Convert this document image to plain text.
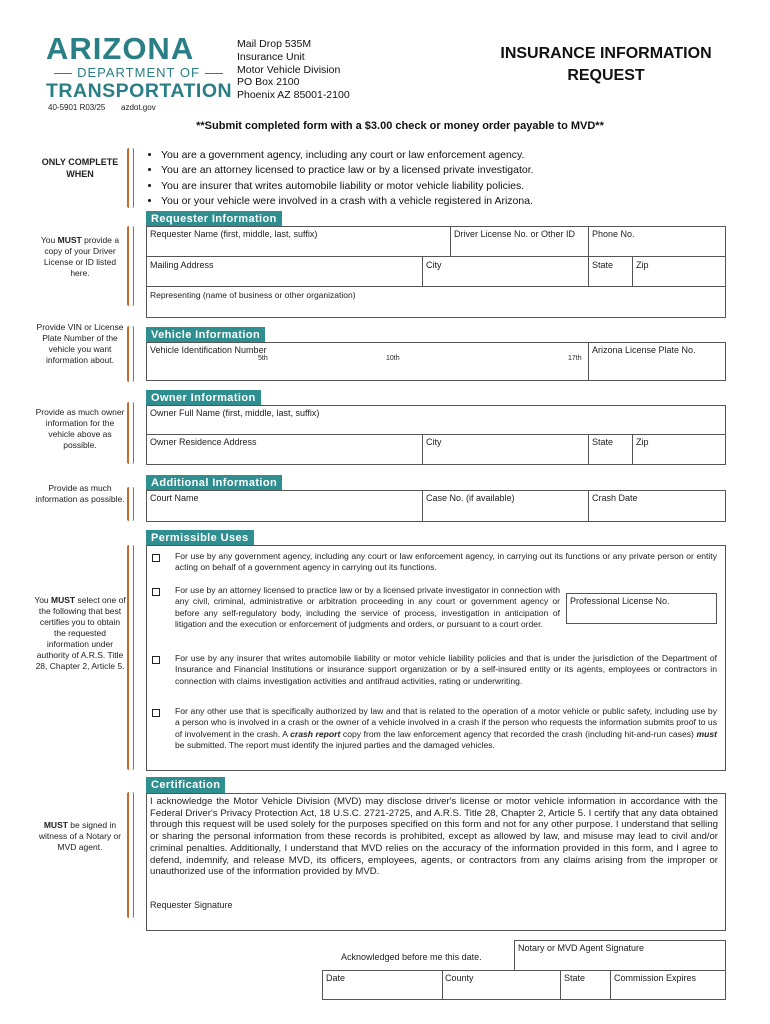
ARIZONA
DEPARTMENT OF
TRANSPORTATION
40-5901 R03/25 azdot.gov
Mail Drop 535M
Insurance Unit
Motor Vehicle Division
PO Box 2100
Phoenix AZ 85001-2100
INSURANCE INFORMATION
REQUEST
**Submit completed form with a $3.00 check or money order payable to MVD**
ONLY COMPLETE WHEN
• You are a government agency, including any court or law enforcement agency.
• You are an attorney licensed to practice law or by a licensed private investigator.
• You are insurer that writes automobile liability or motor vehicle liability policies.
• You or your vehicle were involved in a crash with a vehicle registered in Arizona.
You MUST provide a copy of your Driver License or ID listed here.
Requester Information
Requester Name (first, middle, last, suffix)	Driver License No. or Other ID Phone No.
Mailing Address	City	State	Zip
Representing (name of business or other organization)
Provide VIN or License Plate Number of the vehicle you want information about.
Vehicle Information
Vehicle Identification Number
5th	10th	17th
Arizona License Plate No.
Provide as much owner information for the vehicle above as possible.
Owner Information
Owner Full Name (first, middle, last, suffix)
Owner Residence Address	City	State	Zip
Provide as much information as possible.
Additional Information
Court Name	Case No. (if available)	Crash Date
You MUST select one of the following that best certifies you to obtain the requested information under authority of A.R.S. Title 28, Chapter 2, Article 5.
Permissible Uses
For use by any government agency, including any court or law enforcement agency, in carrying out its functions or any private person or entity acting on behalf of a government agency in carrying out its functions.
For use by an attorney licensed to practice law or by a licensed private investigator in connection with any civil, criminal, administrative or arbitration proceeding in any court or government agency or before any self-regulatory body, including the service of process, investigation in anticipation of litigation and the execution or enforcement of judgments and orders, or pursuant to a court order.
Professional License No.
For use by any insurer that writes automobile liability or motor vehicle liability policies and that is under the jurisdiction of the Department of Insurance and Financial Institutions or insurance support organization or by a self-insured entity or its agents, employees or contractors in connection with claims investigation activities and antifraud activities, rating or underwriting.
For any other use that is specifically authorized by law and that is related to the operation of a motor vehicle or public safety, including use by a person who is involved in a crash or the owner of a vehicle involved in a crash if the person who requests the information submits proof to us of involvement in the crash. A crash report copy from the law enforcement agency that recorded the crash (including hit-and-run cases) must be submitted. The report must identify the injured parties and the damaged vehicles.
MUST be signed in witness of a Notary or MVD agent.
Certification
I acknowledge the Motor Vehicle Division (MVD) may disclose driver's license or motor vehicle information in accordance with the Federal Driver's Privacy Protection Act, 18 U.S.C. 2721-2725, and A.R.S. Title 28, Chapter 2, Article 5. I certify that any data obtained through this request will be used solely for the purposes specified on this form and not for any other purpose. I understand that selling or sharing the personal information from these records is prohibited, except as allowed by law, and misuse may lead to civil and/or criminal penalties. Additionally, I understand that MVD relies on the accuracy of the information provided in this form, and I agree to defend, indemnify, and release MVD, its officers, employees, agents, or contractors from any claims arising from the improper or unauthorized use of the information provided by MVD.
Requester Signature
Acknowledged before me this date.
Notary or MVD Agent Signature
Date	County	State	Commission Expires
